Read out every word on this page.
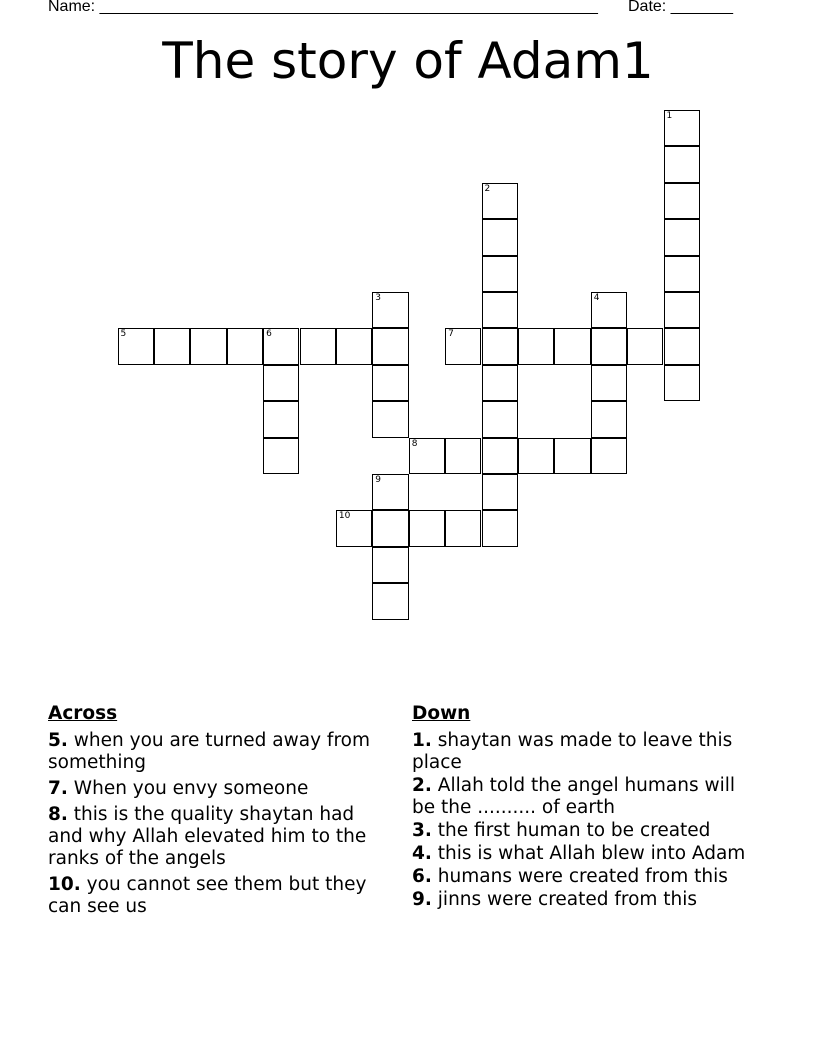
Name: ________________________________________________________ Date: _______
The story of Adam1
1
2
3	4
5	6	7
8
9
10
Across
5. when you are turned away from something
7. When you envy someone
8. this is the quality shaytan had and why Allah elevated him to the ranks of the angels
10. you cannot see them but they can see us
Down
1. shaytan was made to leave this place
2. Allah told the angel humans will be the .......... of earth
3. the first human to be created
4. this is what Allah blew into Adam
6. humans were created from this
9. jinns were created from this
